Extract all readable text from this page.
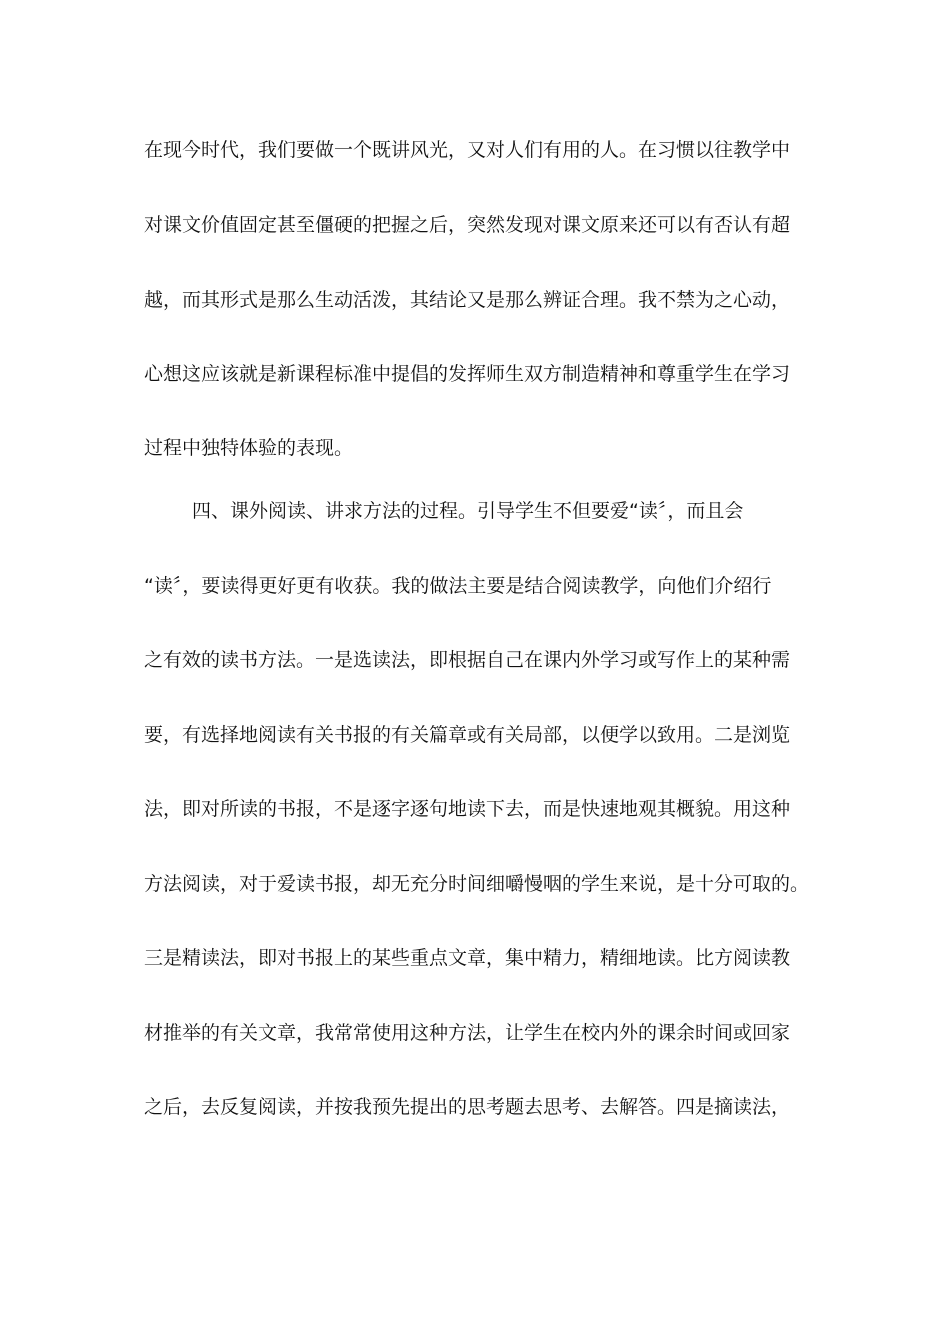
在现今时代，我们要做一个既讲风光，又对人们有用的人。在习惯以往教学中
对课文价值固定甚至僵硬的把握之后，突然发现对课文原来还可以有否认有超
越，而其形式是那么生动活泼，其结论又是那么辨证合理。我不禁为之心动，
心想这应该就是新课程标准中提倡的发挥师生双方制造精神和尊重学生在学习
过程中独特体验的表现。
四、课外阅读、讲求方法的过程。引导学生不但要爱“读〞，而且会
“读〞，要读得更好更有收获。我的做法主要是结合阅读教学，向他们介绍行
之有效的读书方法。一是选读法，即根据自己在课内外学习或写作上的某种需
要，有选择地阅读有关书报的有关篇章或有关局部，以便学以致用。二是浏览
法，即对所读的书报，不是逐字逐句地读下去，而是快速地观其概貌。用这种
方法阅读，对于爱读书报，却无充分时间细嚼慢咽的学生来说，是十分可取的。
三是精读法，即对书报上的某些重点文章，集中精力，精细地读。比方阅读教
材推举的有关文章，我常常使用这种方法，让学生在校内外的课余时间或回家
之后，去反复阅读，并按我预先提出的思考题去思考、去解答。四是摘读法，
